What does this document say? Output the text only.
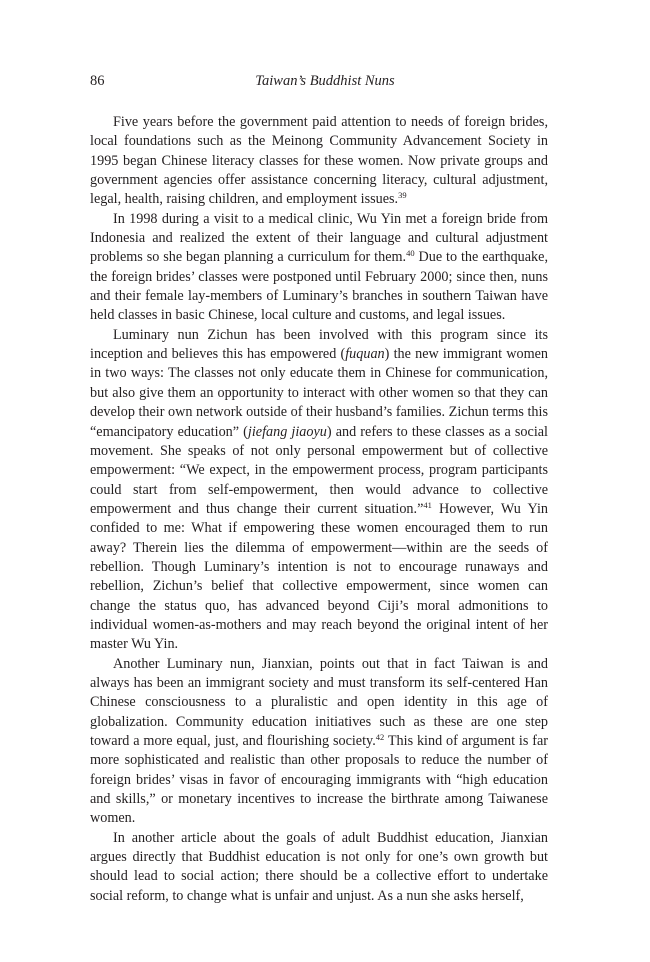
86	Taiwan’s Buddhist Nuns

Five years before the government paid attention to needs of foreign brides, local foundations such as the Meinong Community Advancement Society in 1995 began Chinese literacy classes for these women. Now private groups and government agencies offer assistance concerning literacy, cultural adjustment, legal, health, raising children, and employment issues.$^{39}$

In 1998 during a visit to a medical clinic, Wu Yin met a foreign bride from Indonesia and realized the extent of their language and cultural adjustment problems so she began planning a curriculum for them.$^{40}$ Due to the earthquake, the foreign brides’ classes were postponed until February 2000; since then, nuns and their female lay-members of Luminary’s branches in southern Taiwan have held classes in basic Chinese, local culture and customs, and legal issues.

Luminary nun Zichun has been involved with this program since its inception and believes this has empowered (fuquan) the new immigrant women in two ways: The classes not only educate them in Chinese for communication, but also give them an opportunity to interact with other women so that they can develop their own network outside of their husband’s families. Zichun terms this “emancipatory education” (jiefang jiaoyu) and refers to these classes as a social movement. She speaks of not only personal empowerment but of collective empowerment: “We expect, in the empowerment process, program participants could start from self-empowerment, then would advance to collective empowerment and thus change their current situation.”$^{41}$ However, Wu Yin confided to me: What if empowering these women encouraged them to run away? Therein lies the dilemma of empowerment—within are the seeds of rebellion. Though Luminary’s intention is not to encourage runaways and rebellion, Zichun’s belief that collective empowerment, since women can change the status quo, has advanced beyond Ciji’s moral admonitions to individual women-as-mothers and may reach beyond the original intent of her master Wu Yin.

Another Luminary nun, Jianxian, points out that in fact Taiwan is and always has been an immigrant society and must transform its self-centered Han Chinese consciousness to a pluralistic and open identity in this age of globalization. Community education initiatives such as these are one step toward a more equal, just, and flourishing society.$^{42}$ This kind of argument is far more sophisticated and realistic than other proposals to reduce the number of foreign brides’ visas in favor of encouraging immigrants with “high education and skills,” or monetary incentives to increase the birthrate among Taiwanese women.

In another article about the goals of adult Buddhist education, Jianxian argues directly that Buddhist education is not only for one’s own growth but should lead to social action; there should be a collective effort to undertake social reform, to change what is unfair and unjust. As a nun she asks herself,
